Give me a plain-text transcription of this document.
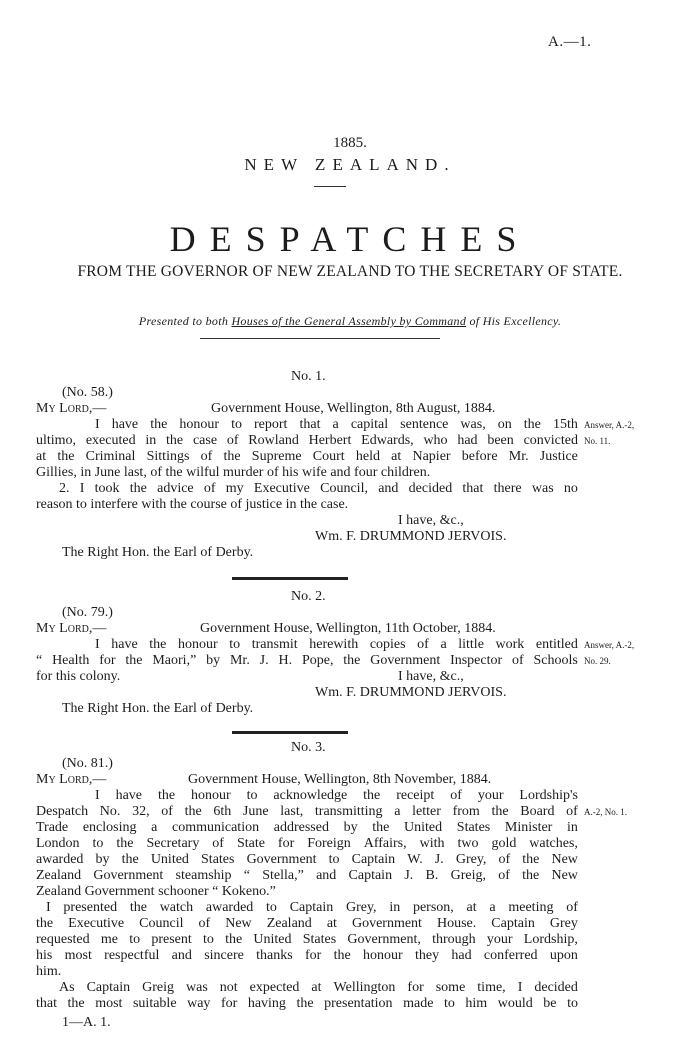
A.—1.
1885.
NEW ZEALAND.
DESPATCHES
FROM THE GOVERNOR OF NEW ZEALAND TO THE SECRETARY OF STATE.
Presented to both Houses of the General Assembly by Command of His Excellency.
No. 1.
(No. 58.)
My Lord,—	Government House, Wellington, 8th August, 1884.
I have the honour to report that a capital sentence was, on the 15th
ultimo, executed in the case of Rowland Herbert Edwards, who had been convicted
at the Criminal Sittings of the Supreme Court held at Napier before Mr. Justice
Gillies, in June last, of the wilful murder of his wife and four children.
2. I took the advice of my Executive Council, and decided that there was no
reason to interfere with the course of justice in the case.
Answer, A.-2,
No. 11.
I have, &c.,
Wm. F. DRUMMOND JERVOIS.
The Right Hon. the Earl of Derby.
No. 2.
(No. 79.)
My Lord,—	Government House, Wellington, 11th October, 1884.
I have the honour to transmit herewith copies of a little work entitled
“ Health for the Maori,” by Mr. J. H. Pope, the Government Inspector of Schools
for this colony.
Answer, A.-2,
No. 29.
I have, &c.,
Wm. F. DRUMMOND JERVOIS.
The Right Hon. the Earl of Derby.
No. 3.
(No. 81.)
My Lord,—	Government House, Wellington, 8th November, 1884.
I have the honour to acknowledge the receipt of your Lordship's
Despatch No. 32, of the 6th June last, transmitting a letter from the Board of A.-2, No. 1.
Trade enclosing a communication addressed by the United States Minister in
London to the Secretary of State for Foreign Affairs, with two gold watches,
awarded by the United States Government to Captain W. J. Grey, of the New
Zealand Government steamship “ Stella,” and Captain J. B. Greig, of the New
Zealand Government schooner “ Kokeno.”
I presented the watch awarded to Captain Grey, in person, at a meeting of
the Executive Council of New Zealand at Government House. Captain Grey
requested me to present to the United States Government, through your Lordship,
his most respectful and sincere thanks for the honour they had conferred upon
him.
As Captain Greig was not expected at Wellington for some time, I decided
that the most suitable way for having the presentation made to him would be to
1—A. 1.
